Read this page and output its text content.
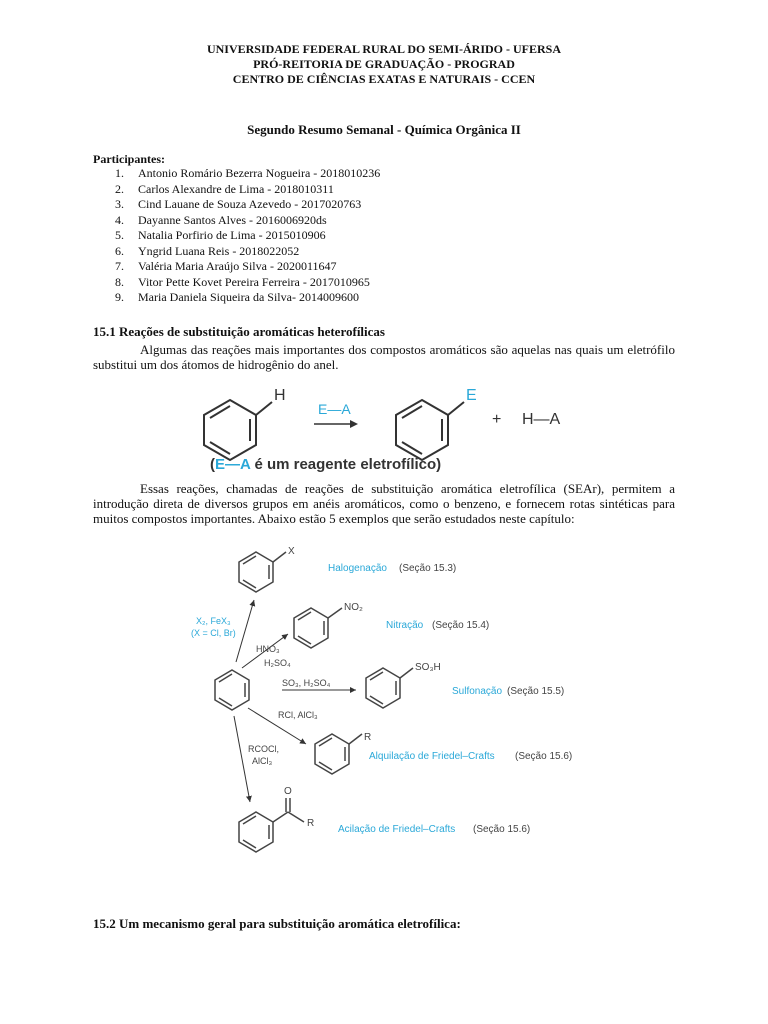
UNIVERSIDADE FEDERAL RURAL DO SEMI-ÁRIDO - UFERSA
PRÓ-REITORIA DE GRADUAÇÃO - PROGRAD
CENTRO DE CIÊNCIAS EXATAS E NATURAIS - CCEN
Segundo Resumo Semanal - Química Orgânica II
Participantes:
1.	Antonio Romário Bezerra Nogueira - 2018010236
2.	Carlos Alexandre de Lima - 2018010311
3.	Cind Lauane de Souza Azevedo - 2017020763
4.	Dayanne Santos Alves - 2016006920ds
5.	Natalia Porfirio de Lima - 2015010906
6.	Yngrid Luana Reis - 2018022052
7.	Valéria Maria Araújo Silva - 2020011647
8.	Vitor Pette Kovet Pereira Ferreira - 2017010965
9.	Maria Daniela Siqueira da Silva- 2014009600
15.1 Reações de substituição aromáticas heterofílicas
Algumas das reações mais importantes dos compostos aromáticos são aquelas nas quais um eletrófilo substitui um dos átomos de hidrogênio do anel.
H
E—A
E
+ H—A
(E—A é um reagente eletrofílico)
Essas reações, chamadas de reações de substituição aromática eletrofílica (SEAr), permitem a introdução direta de diversos grupos em anéis aromáticos, como o benzeno, e fornecem rotas sintéticas para muitos compostos importantes. Abaixo estão 5 exemplos que serão estudados neste capítulo:
X
Halogenação (Seção 15.3)
X₂, FeX₃
(X = Cl, Br)
NO₂
Nitração (Seção 15.4)
HNO₃
H₂SO₄	SO₃H
Sulfonação (Seção 15.5)
SO₃, H₂SO₄
R
Alquilação de Friedel–Crafts (Seção 15.6)
RCl, AlCl₃
O
R
Acilação de Friedel–Crafts (Seção 15.6)
RCOCl,
AlCl₃
15.2 Um mecanismo geral para substituição aromática eletrofílica:
